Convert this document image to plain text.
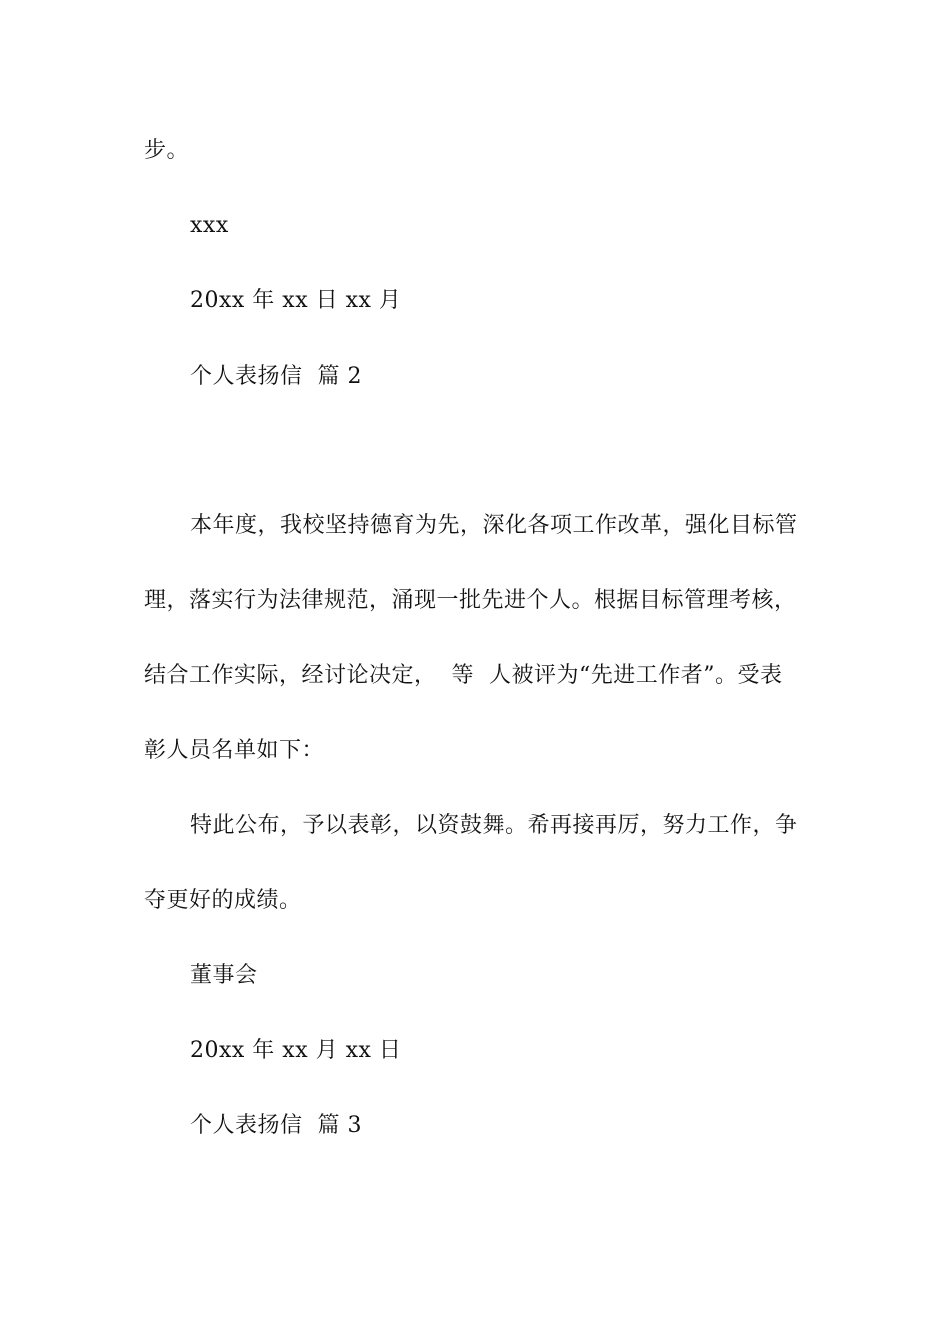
步。
xxx
20xx 年 xx 日 xx 月
个人表扬信  篇 2
本年度，我校坚持德育为先，深化各项工作改革，强化目标管
理，落实行为法律规范，涌现一批先进个人。根据目标管理考核，
结合工作实际，经讨论决定，  等  人被评为“先进工作者”。受表
彰人员名单如下：
特此公布，予以表彰，以资鼓舞。希再接再厉，努力工作，争
夺更好的成绩。
董事会
20xx 年 xx 月 xx 日
个人表扬信  篇 3
